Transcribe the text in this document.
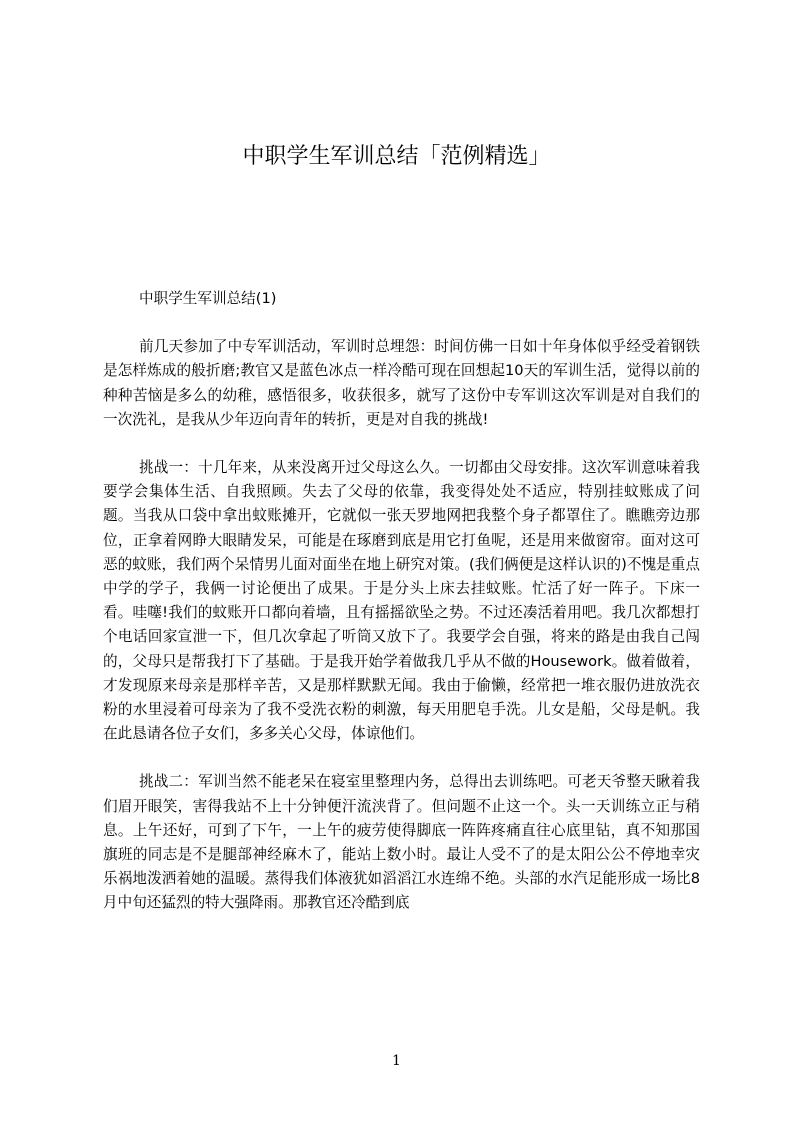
中职学生军训总结「范例精选」

中职学生军训总结(1)

前几天参加了中专军训活动，军训时总埋怨：时间仿佛一日如十年身体似乎经受着钢铁是怎样炼成的般折磨;教官又是蓝色冰点一样冷酷可现在回想起10天的军训生活，觉得以前的种种苦恼是多么的幼稚，感悟很多，收获很多，就写了这份中专军训这次军训是对自我们的一次洗礼，是我从少年迈向青年的转折，更是对自我的挑战!

挑战一：十几年来，从来没离开过父母这么久。一切都由父母安排。这次军训意味着我要学会集体生活、自我照顾。失去了父母的依靠，我变得处处不适应，特别挂蚊账成了问题。当我从口袋中拿出蚊账摊开，它就似一张天罗地网把我整个身子都罩住了。瞧瞧旁边那位，正拿着网睁大眼睛发呆，可能是在琢磨到底是用它打鱼呢，还是用来做窗帘。面对这可恶的蚊账，我们两个呆情男儿面对面坐在地上研究对策。(我们俩便是这样认识的)不愧是重点中学的学子，我俩一讨论便出了成果。于是分头上床去挂蚊账。忙活了好一阵子。下床一看。哇噻!我们的蚊账开口都向着墙，且有摇摇欲坠之势。不过还凑活着用吧。我几次都想打个电话回家宣泄一下，但几次拿起了听筒又放下了。我要学会自强，将来的路是由我自己闯的，父母只是帮我打下了基础。于是我开始学着做我几乎从不做的Housework。做着做着，才发现原来母亲是那样辛苦，又是那样默默无闻。我由于偷懒，经常把一堆衣服仍进放洗衣粉的水里浸着可母亲为了我不受洗衣粉的刺激，每天用肥皂手洗。儿女是船，父母是帆。我在此恳请各位子女们，多多关心父母，体谅他们。

挑战二：军训当然不能老呆在寝室里整理内务，总得出去训练吧。可老天爷整天瞅着我们眉开眼笑，害得我站不上十分钟便汗流浃背了。但问题不止这一个。头一天训练立正与稍息。上午还好，可到了下午，一上午的疲劳使得脚底一阵阵疼痛直往心底里钻，真不知那国旗班的同志是不是腿部神经麻木了，能站上数小时。最让人受不了的是太阳公公不停地幸灾乐祸地泼洒着她的温暖。蒸得我们体液犹如滔滔江水连绵不绝。头部的水汽足能形成一场比8月中旬还猛烈的特大强降雨。那教官还冷酷到底

1
